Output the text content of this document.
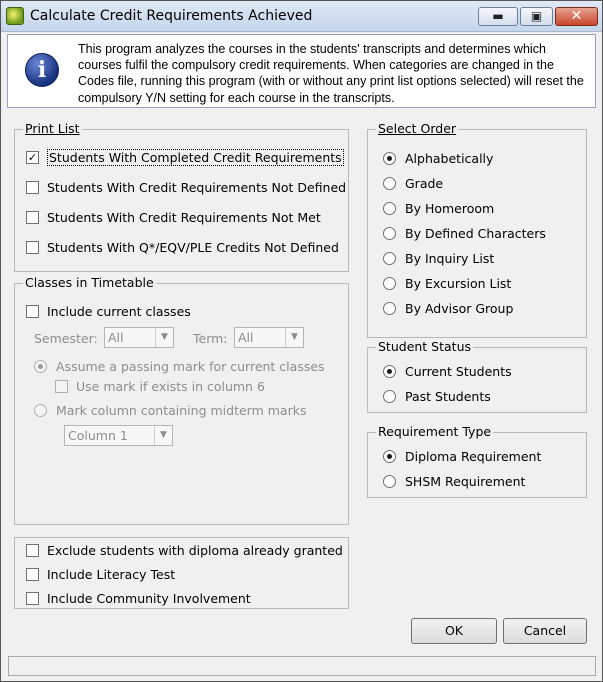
Calculate Credit Requirements Achieved	▬	▣	✕
i
This program analyzes the courses in the students' transcripts and determines which courses fulfil the compulsory credit requirements. When categories are changed in the Codes file, running this program (with or without any print list options selected) will reset the compulsory Y/N setting for each course in the transcripts.
Print List
✓ Students With Completed Credit Requirements
Students With Credit Requirements Not Defined
Students With Credit Requirements Not Met
Students With Q*/EQV/PLE Credits Not Defined
Classes in Timetable
Include current classes
Semester: All	▼	Term: All	▼
Assume a passing mark for current classes
Use mark if exists in column 6
Mark column containing midterm marks
Column 1	▼
Exclude students with diploma already granted
Include Literacy Test
Include Community Involvement
Select Order
Alphabetically
Grade
By Homeroom
By Defined Characters
By Inquiry List
By Excursion List
By Advisor Group
Student Status
Current Students
Past Students
Requirement Type
Diploma Requirement
SHSM Requirement
OK	Cancel
